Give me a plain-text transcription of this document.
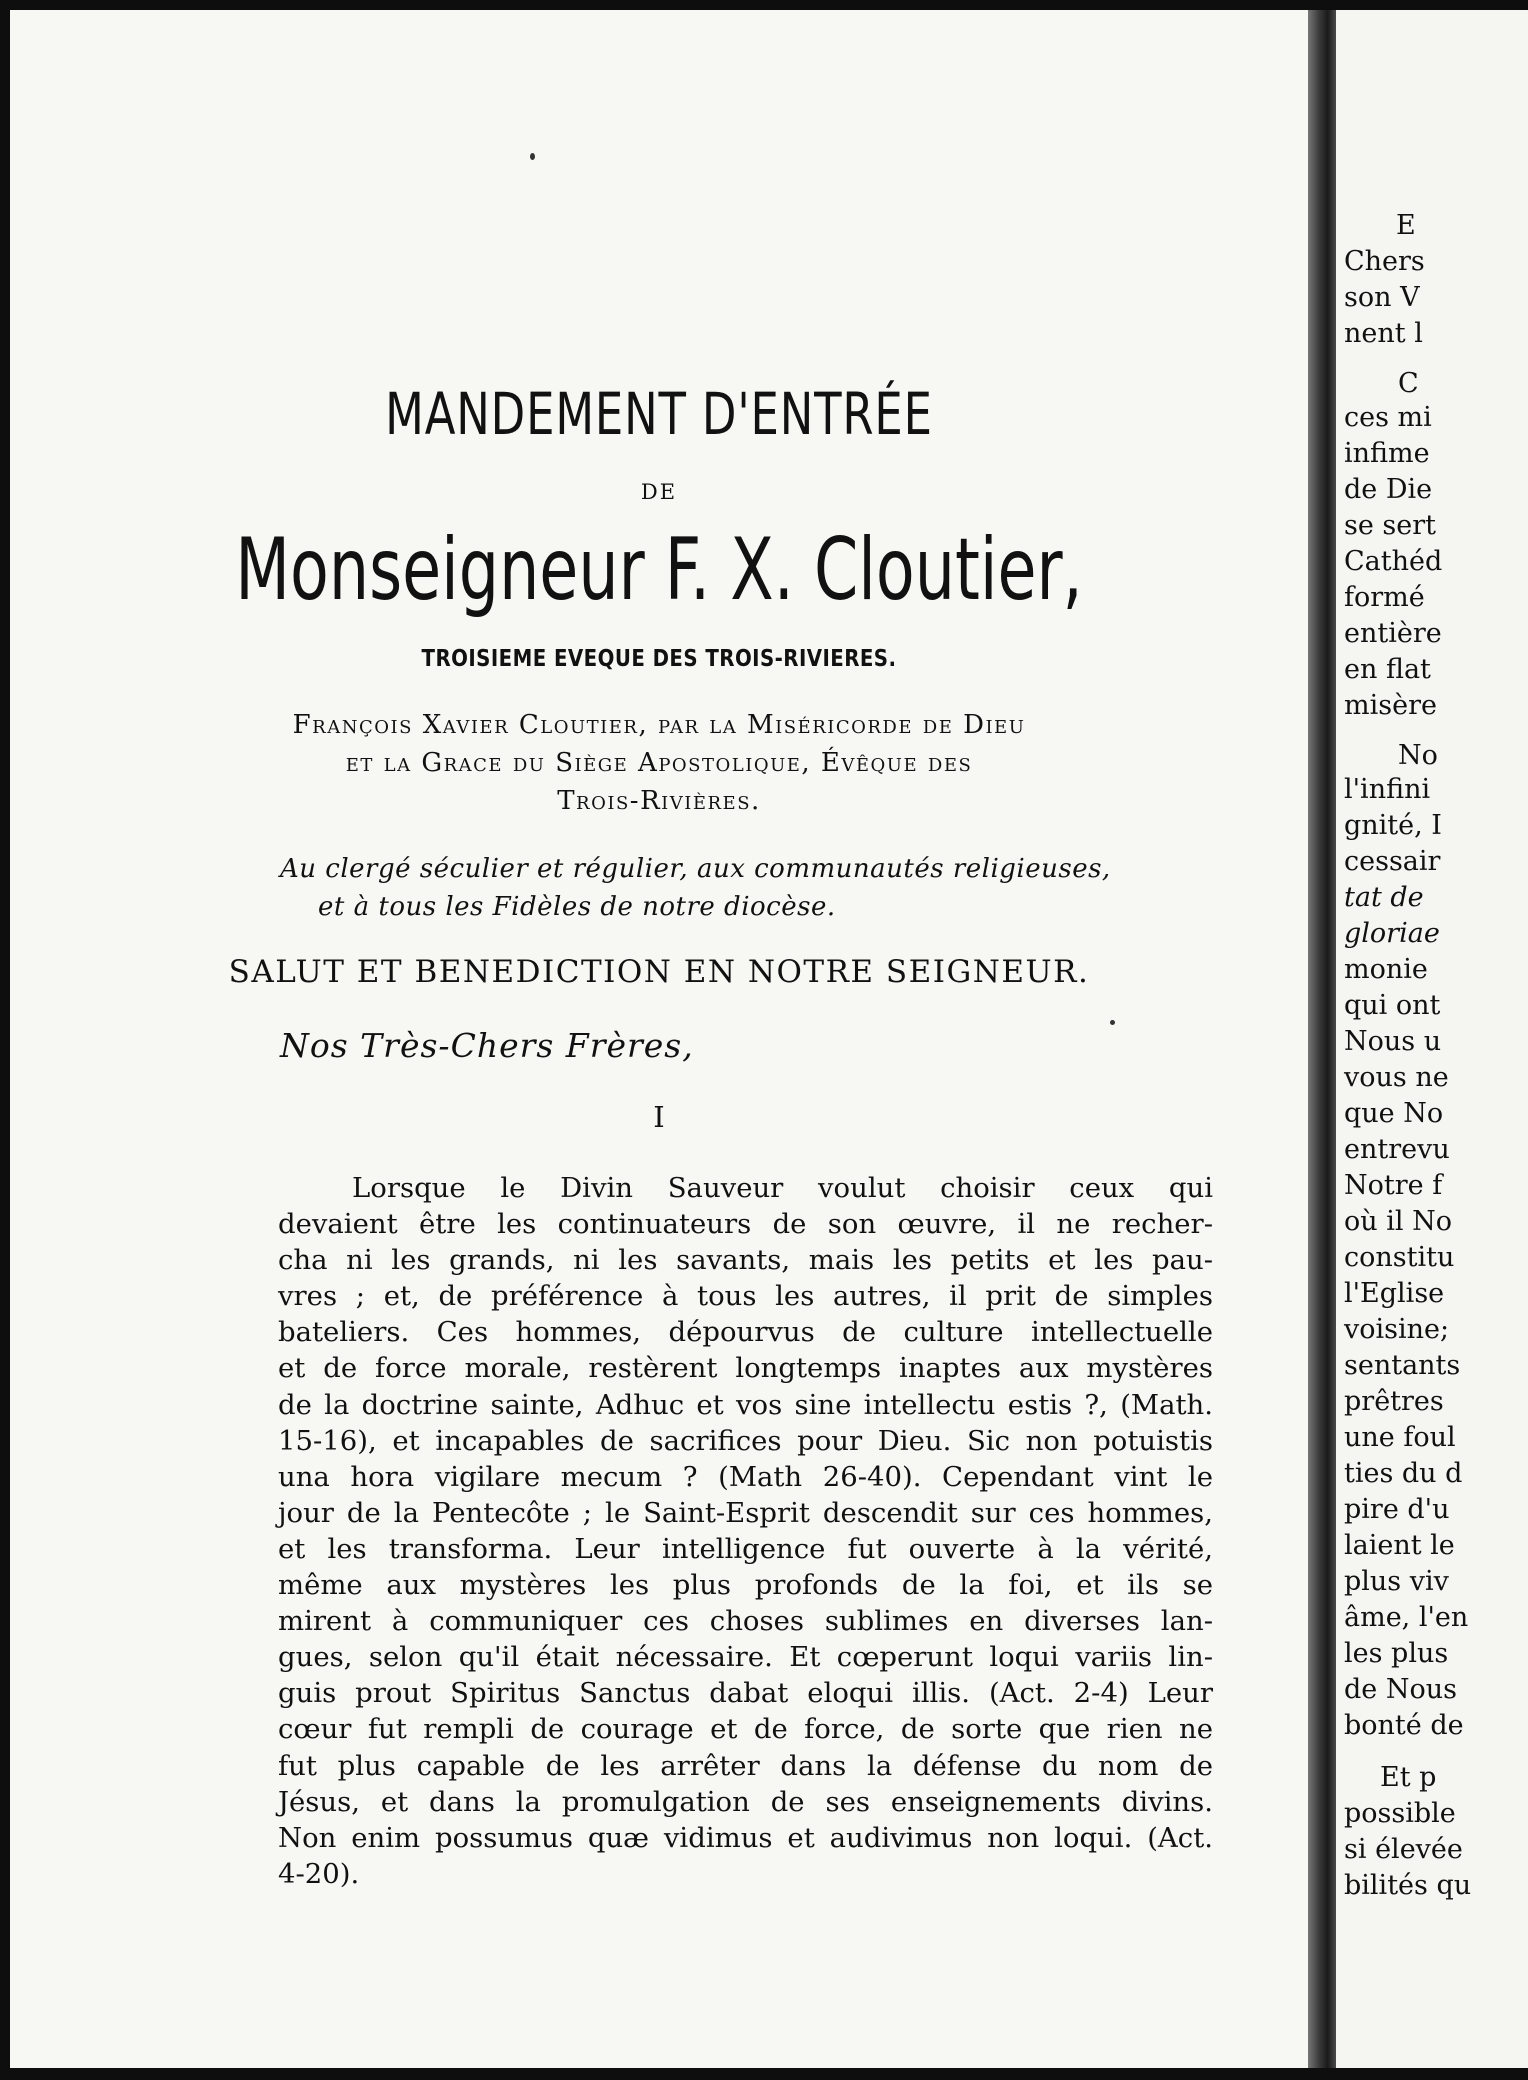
MANDEMENT D'ENTRÉE
DE
Monseigneur F. X. Cloutier,
TROISIEME EVEQUE DES TROIS-RIVIERES.
François Xavier Cloutier, par la Miséricorde de Dieu
et la Grace du Siège Apostolique, Évêque des
Trois-Rivières.
Au clergé séculier et régulier, aux communautés religieuses,
et à tous les Fidèles de notre diocèse.
SALUT ET BENEDICTION EN NOTRE SEIGNEUR.
Nos Très-Chers Frères,
I
Lorsque le Divin Sauveur voulut choisir ceux qui
devaient être les continuateurs de son œuvre, il ne recher-
cha ni les grands, ni les savants, mais les petits et les pau-
vres ; et, de préférence à tous les autres, il prit de simples
bateliers. Ces hommes, dépourvus de culture intellectuelle
et de force morale, restèrent longtemps inaptes aux mystères
de la doctrine sainte, Adhuc et vos sine intellectu estis ?, (Math.
15-16), et incapables de sacrifices pour Dieu. Sic non potuistis
una hora vigilare mecum ? (Math 26-40). Cependant vint le
jour de la Pentecôte ; le Saint-Esprit descendit sur ces hommes,
et les transforma. Leur intelligence fut ouverte à la vérité,
même aux mystères les plus profonds de la foi, et ils se
mirent à communiquer ces choses sublimes en diverses lan-
gues, selon qu'il était nécessaire. Et cœperunt loqui variis lin-
guis prout Spiritus Sanctus dabat eloqui illis. (Act. 2-4) Leur
cœur fut rempli de courage et de force, de sorte que rien ne
fut plus capable de les arrêter dans la défense du nom de
Jésus, et dans la promulgation de ses enseignements divins.
Non enim possumus quæ vidimus et audivimus non loqui. (Act.
4-20).
E
Chers
son V
nent l
C
ces mi
infime
de Die
se sert
Cathéd
formé
entière
en flat
misère
No
l'infini
gnité, I
cessair
tat de
gloriae
monie
qui ont
Nous u
vous ne
que No
entrevu
Notre f
où il No
constitu
l'Eglise
voisine;
sentants
prêtres
une foul
ties du d
pire d'u
laient le
plus viv
âme, l'en
les plus
de Nous
bonté de
Et p
possible
si élevée
bilités qu
